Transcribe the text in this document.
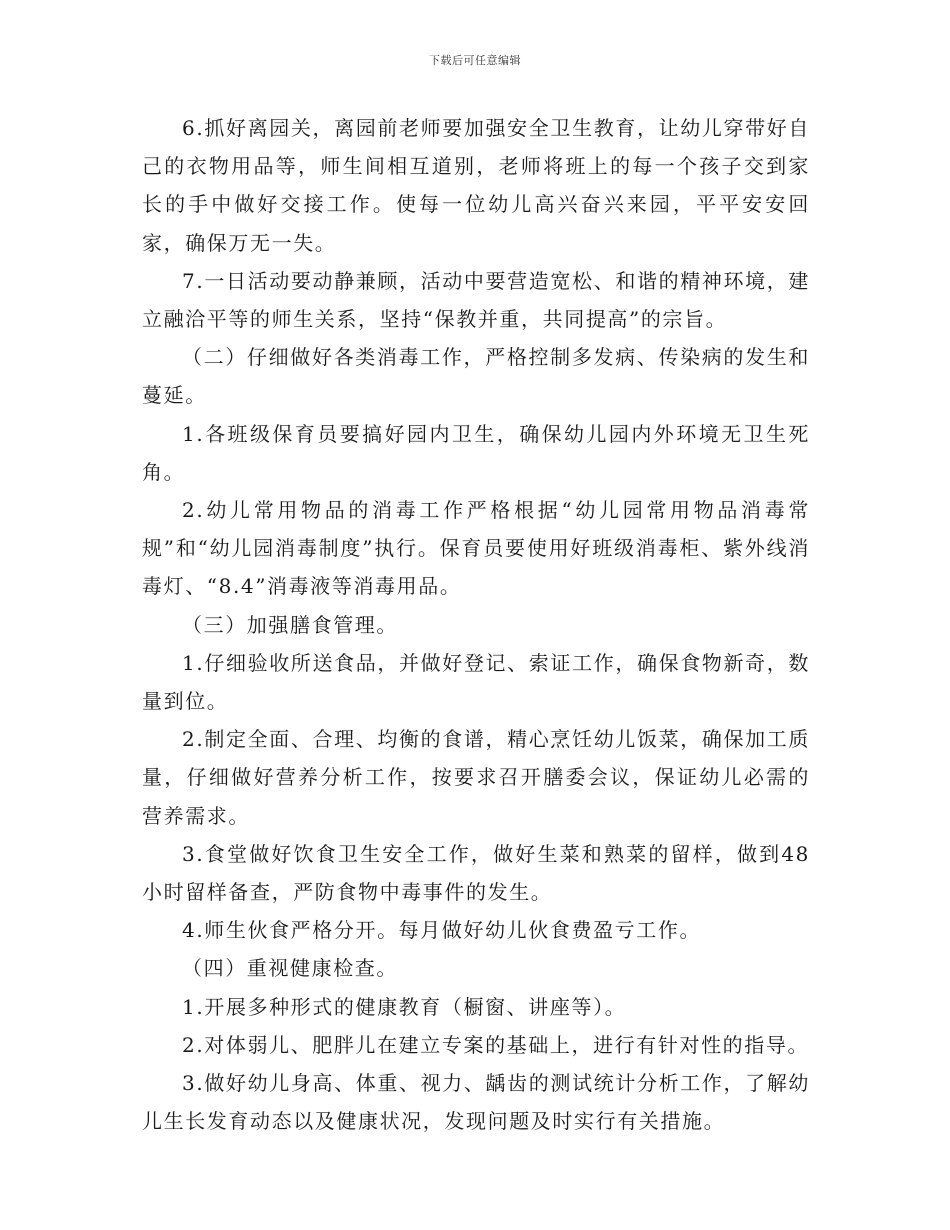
下载后可任意编辑

6.抓好离园关，离园前老师要加强安全卫生教育，让幼儿穿带好自己的衣物用品等，师生间相互道别，老师将班上的每一个孩子交到家长的手中做好交接工作。使每一位幼儿高兴奋兴来园，平平安安回家，确保万无一失。

7.一日活动要动静兼顾，活动中要营造宽松、和谐的精神环境，建立融洽平等的师生关系，坚持“保教并重，共同提高”的宗旨。

（二）仔细做好各类消毒工作，严格控制多发病、传染病的发生和蔓延。

1.各班级保育员要搞好园内卫生，确保幼儿园内外环境无卫生死角。

2.幼儿常用物品的消毒工作严格根据“幼儿园常用物品消毒常规”和“幼儿园消毒制度”执行。保育员要使用好班级消毒柜、紫外线消毒灯、“8.4”消毒液等消毒用品。

（三）加强膳食管理。

1.仔细验收所送食品，并做好登记、索证工作，确保食物新奇，数量到位。

2.制定全面、合理、均衡的食谱，精心烹饪幼儿饭菜，确保加工质量，仔细做好营养分析工作，按要求召开膳委会议，保证幼儿必需的营养需求。

3.食堂做好饮食卫生安全工作，做好生菜和熟菜的留样，做到48小时留样备查，严防食物中毒事件的发生。

4.师生伙食严格分开。每月做好幼儿伙食费盈亏工作。

（四）重视健康检查。

1.开展多种形式的健康教育（橱窗、讲座等）。

2.对体弱儿、肥胖儿在建立专案的基础上，进行有针对性的指导。

3.做好幼儿身高、体重、视力、龋齿的测试统计分析工作，了解幼儿生长发育动态以及健康状况，发现问题及时实行有关措施。
